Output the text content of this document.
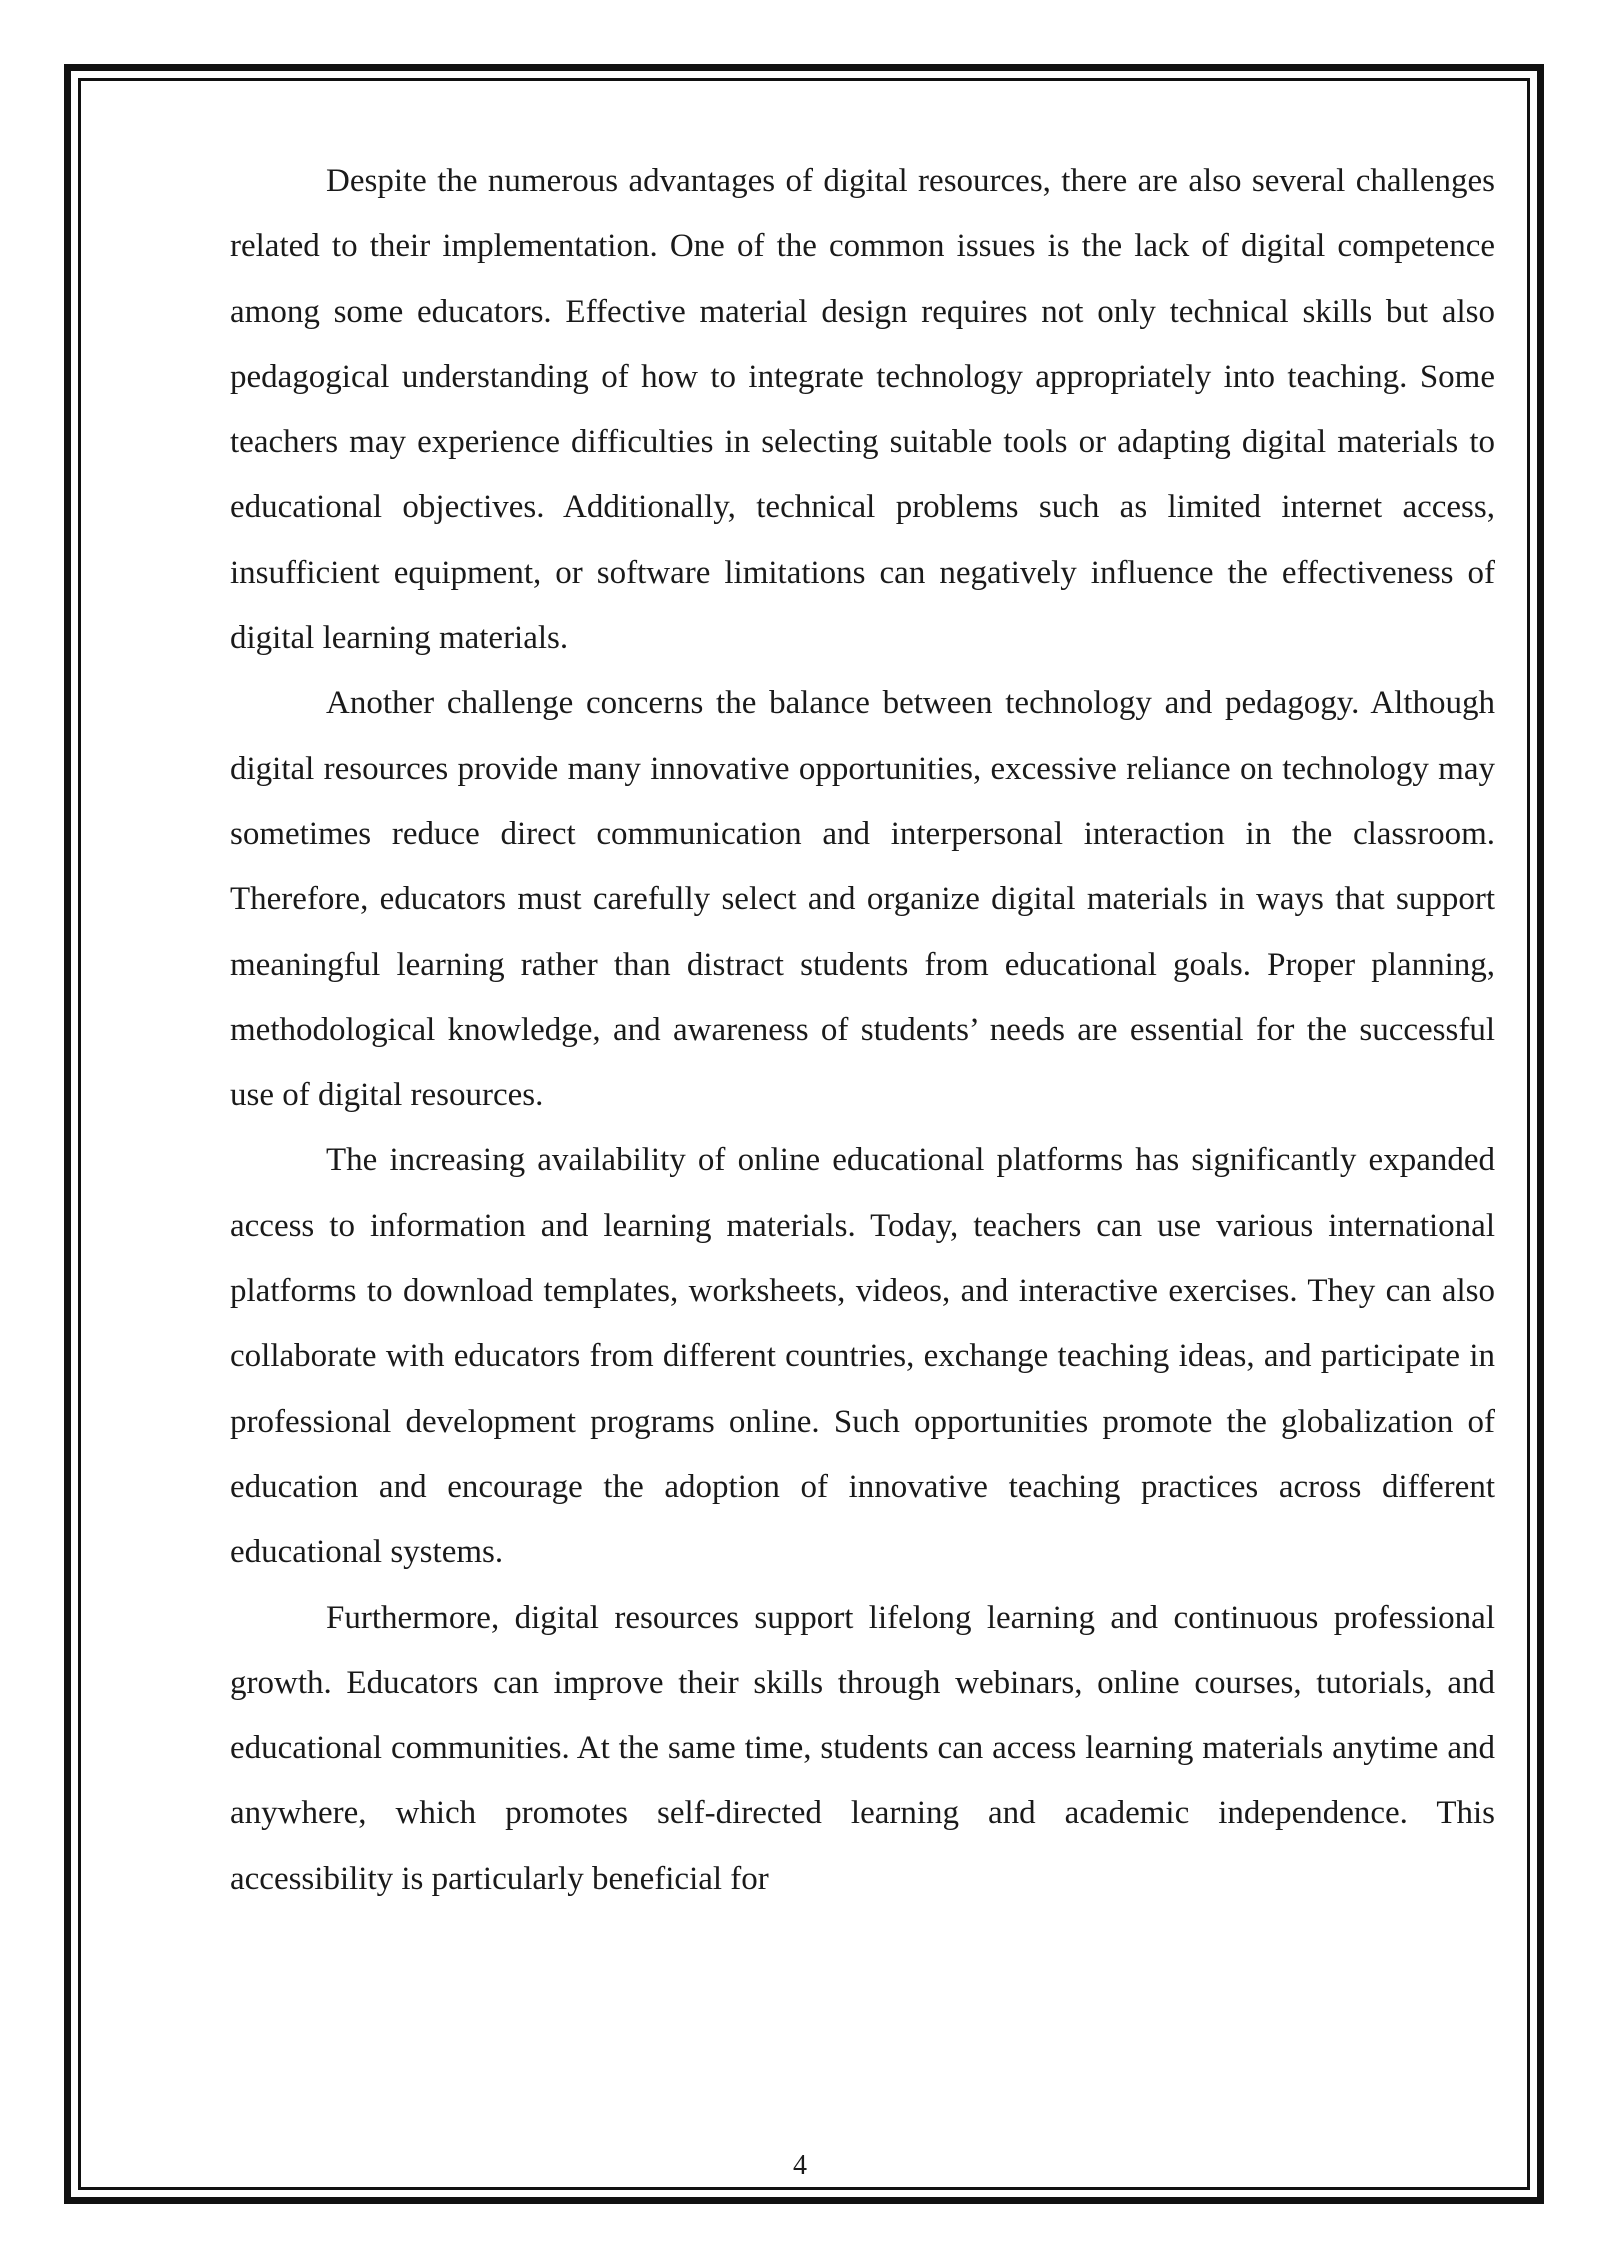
Despite the numerous advantages of digital resources, there are also several challenges related to their implementation. One of the common issues is the lack of digital competence among some educators. Effective material design requires not only technical skills but also pedagogical understanding of how to integrate technology appropriately into teaching. Some teachers may experience difficulties in selecting suitable tools or adapting digital materials to educational objectives. Additionally, technical problems such as limited internet access, insufficient equipment, or software limitations can negatively influence the effectiveness of digital learning materials.

Another challenge concerns the balance between technology and pedagogy. Although digital resources provide many innovative opportunities, excessive reliance on technology may sometimes reduce direct communication and interpersonal interaction in the classroom. Therefore, educators must carefully select and organize digital materials in ways that support meaningful learning rather than distract students from educational goals. Proper planning, methodological knowledge, and awareness of students’ needs are essential for the successful use of digital resources.

The increasing availability of online educational platforms has significantly expanded access to information and learning materials. Today, teachers can use various international platforms to download templates, worksheets, videos, and interactive exercises. They can also collaborate with educators from different countries, exchange teaching ideas, and participate in professional development programs online. Such opportunities promote the globalization of education and encourage the adoption of innovative teaching practices across different educational systems.

Furthermore, digital resources support lifelong learning and continuous professional growth. Educators can improve their skills through webinars, online courses, tutorials, and educational communities. At the same time, students can access learning materials anytime and anywhere, which promotes self-directed learning and academic independence. This accessibility is particularly beneficial for

4
